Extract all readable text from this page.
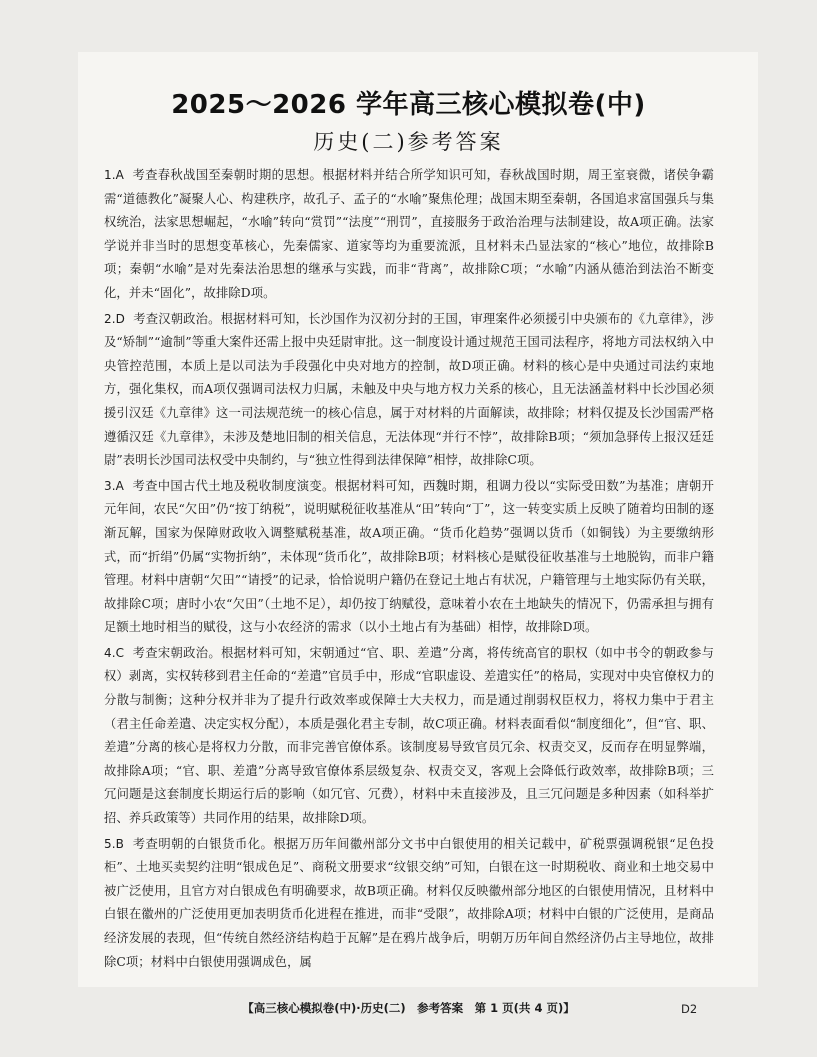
2025～2026 学年高三核心模拟卷(中)
历史(二)参考答案

1.A 考查春秋战国至秦朝时期的思想。根据材料并结合所学知识可知，春秋战国时期，周王室衰微，诸侯争霸需“道德教化”凝聚人心、构建秩序，故孔子、孟子的“水喻”聚焦伦理；战国末期至秦朝，各国追求富国强兵与集权统治，法家思想崛起，“水喻”转向“赏罚”“法度”“刑罚”，直接服务于政治治理与法制建设，故A项正确。法家学说并非当时的思想变革核心，先秦儒家、道家等均为重要流派，且材料未凸显法家的“核心”地位，故排除B项；秦朝“水喻”是对先秦法治思想的继承与实践，而非“背离”，故排除C项；“水喻”内涵从德治到法治不断变化，并未“固化”，故排除D项。

2.D 考查汉朝政治。根据材料可知，长沙国作为汉初分封的王国，审理案件必须援引中央颁布的《九章律》，涉及“矫制”“逾制”等重大案件还需上报中央廷尉审批。这一制度设计通过规范王国司法程序，将地方司法权纳入中央管控范围，本质上是以司法为手段强化中央对地方的控制，故D项正确。材料的核心是中央通过司法约束地方，强化集权，而A项仅强调司法权力归属，未触及中央与地方权力关系的核心，且无法涵盖材料中长沙国必须援引汉廷《九章律》这一司法规范统一的核心信息，属于对材料的片面解读，故排除；材料仅提及长沙国需严格遵循汉廷《九章律》，未涉及楚地旧制的相关信息，无法体现“并行不悖”，故排除B项；“须加急驿传上报汉廷廷尉”表明长沙国司法权受中央制约，与“独立性得到法律保障”相悖，故排除C项。

3.A 考查中国古代土地及税收制度演变。根据材料可知，西魏时期，租调力役以“实际受田数”为基准；唐朝开元年间，农民“欠田”仍“按丁纳税”，说明赋税征收基准从“田”转向“丁”，这一转变实质上反映了随着均田制的逐渐瓦解，国家为保障财政收入调整赋税基准，故A项正确。“货币化趋势”强调以货币（如铜钱）为主要缴纳形式，而“折绢”仍属“实物折纳”，未体现“货币化”，故排除B项；材料核心是赋役征收基准与土地脱钩，而非户籍管理。材料中唐朝“欠田”“请授”的记录，恰恰说明户籍仍在登记土地占有状况，户籍管理与土地实际仍有关联，故排除C项；唐时小农“欠田”（土地不足），却仍按丁纳赋役，意味着小农在土地缺失的情况下，仍需承担与拥有足额土地时相当的赋役，这与小农经济的需求（以小土地占有为基础）相悖，故排除D项。

4.C 考查宋朝政治。根据材料可知，宋朝通过“官、职、差遣”分离，将传统高官的职权（如中书令的朝政参与权）剥离，实权转移到君主任命的“差遣”官员手中，形成“官职虚设、差遣实任”的格局，实现对中央官僚权力的分散与制衡；这种分权并非为了提升行政效率或保障士大夫权力，而是通过削弱权臣权力，将权力集中于君主（君主任命差遣、决定实权分配），本质是强化君主专制，故C项正确。材料表面看似“制度细化”，但“官、职、差遣”分离的核心是将权力分散，而非完善官僚体系。该制度易导致官员冗余、权责交叉，反而存在明显弊端，故排除A项；“官、职、差遣”分离导致官僚体系层级复杂、权责交叉，客观上会降低行政效率，故排除B项；三冗问题是这套制度长期运行后的影响（如冗官、冗费），材料中未直接涉及，且三冗问题是多种因素（如科举扩招、养兵政策等）共同作用的结果，故排除D项。

5.B 考查明朝的白银货币化。根据万历年间徽州部分文书中白银使用的相关记载中，矿税票强调税银“足色投柜”、土地买卖契约注明“银成色足”、商税文册要求“纹银交纳”可知，白银在这一时期税收、商业和土地交易中被广泛使用，且官方对白银成色有明确要求，故B项正确。材料仅反映徽州部分地区的白银使用情况，且材料中白银在徽州的广泛使用更加表明货币化进程在推进，而非“受限”，故排除A项；材料中白银的广泛使用，是商品经济发展的表现，但“传统自然经济结构趋于瓦解”是在鸦片战争后，明朝万历年间自然经济仍占主导地位，故排除C项；材料中白银使用强调成色，属

【高三核心模拟卷(中)·历史(二)　参考答案　第 1 页(共 4 页)】	D2
